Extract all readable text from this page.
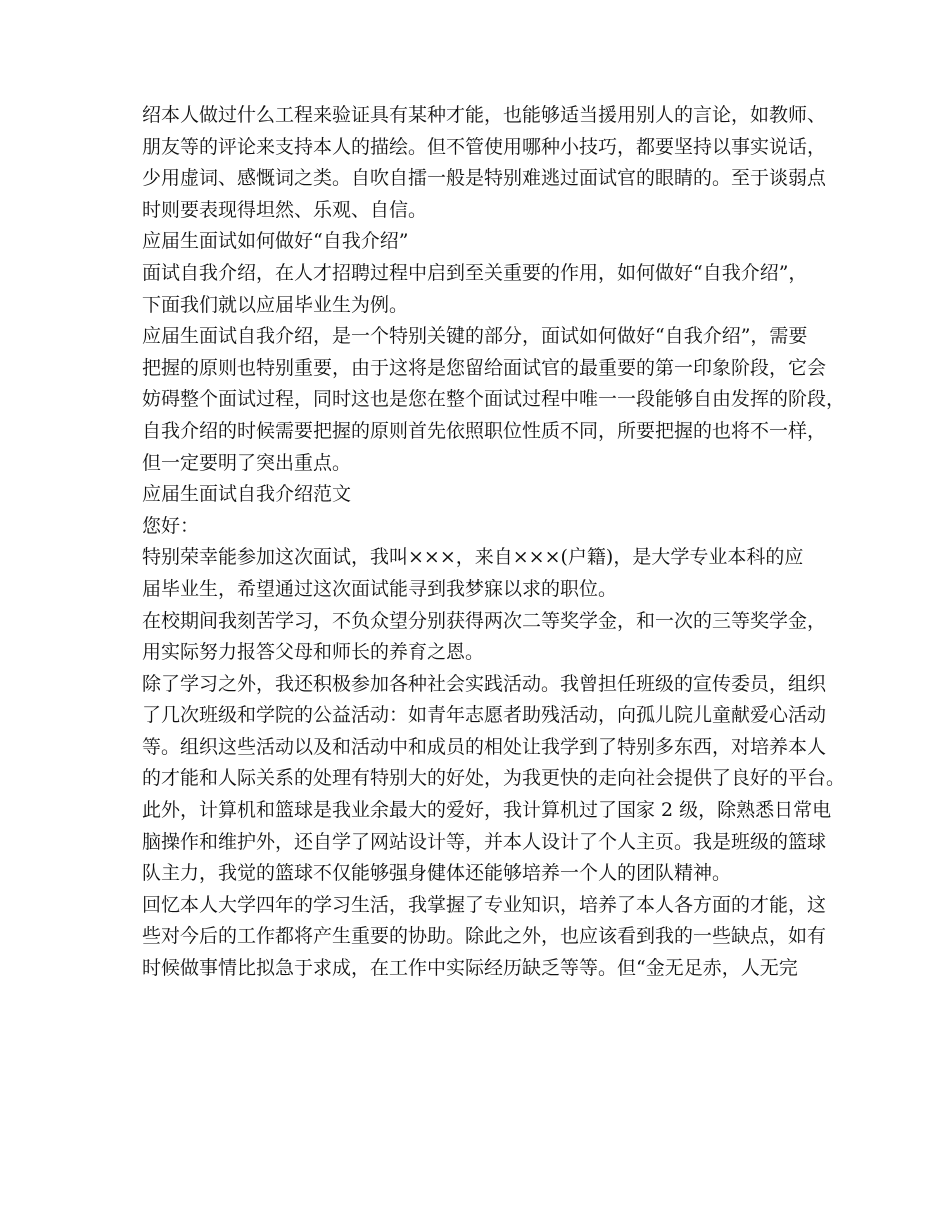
绍本人做过什么工程来验证具有某种才能，也能够适当援用别人的言论，如教师、
朋友等的评论来支持本人的描绘。但不管使用哪种小技巧，都要坚持以事实说话，
少用虚词、感慨词之类。自吹自擂一般是特别难逃过面试官的眼睛的。至于谈弱点
时则要表现得坦然、乐观、自信。
应届生面试如何做好“自我介绍”
面试自我介绍，在人才招聘过程中启到至关重要的作用，如何做好“自我介绍”，
下面我们就以应届毕业生为例。
应届生面试自我介绍，是一个特别关键的部分，面试如何做好“自我介绍”，需要
把握的原则也特别重要，由于这将是您留给面试官的最重要的第一印象阶段，它会
妨碍整个面试过程，同时这也是您在整个面试过程中唯一一段能够自由发挥的阶段，
自我介绍的时候需要把握的原则首先依照职位性质不同，所要把握的也将不一样，
但一定要明了突出重点。
应届生面试自我介绍范文
您好：
特别荣幸能参加这次面试，我叫×××，来自×××(户籍)，是大学专业本科的应
届毕业生，希望通过这次面试能寻到我梦寐以求的职位。
在校期间我刻苦学习，不负众望分别获得两次二等奖学金，和一次的三等奖学金，
用实际努力报答父母和师长的养育之恩。
除了学习之外，我还积极参加各种社会实践活动。我曾担任班级的宣传委员，组织
了几次班级和学院的公益活动：如青年志愿者助残活动，向孤儿院儿童献爱心活动
等。组织这些活动以及和活动中和成员的相处让我学到了特别多东西，对培养本人
的才能和人际关系的处理有特别大的好处，为我更快的走向社会提供了良好的平台。
此外，计算机和篮球是我业余最大的爱好，我计算机过了国家 2 级，除熟悉日常电
脑操作和维护外，还自学了网站设计等，并本人设计了个人主页。我是班级的篮球
队主力，我觉的篮球不仅能够强身健体还能够培养一个人的团队精神。
回忆本人大学四年的学习生活，我掌握了专业知识，培养了本人各方面的才能，这
些对今后的工作都将产生重要的协助。除此之外，也应该看到我的一些缺点，如有
时候做事情比拟急于求成，在工作中实际经历缺乏等等。但“金无足赤，人无完
